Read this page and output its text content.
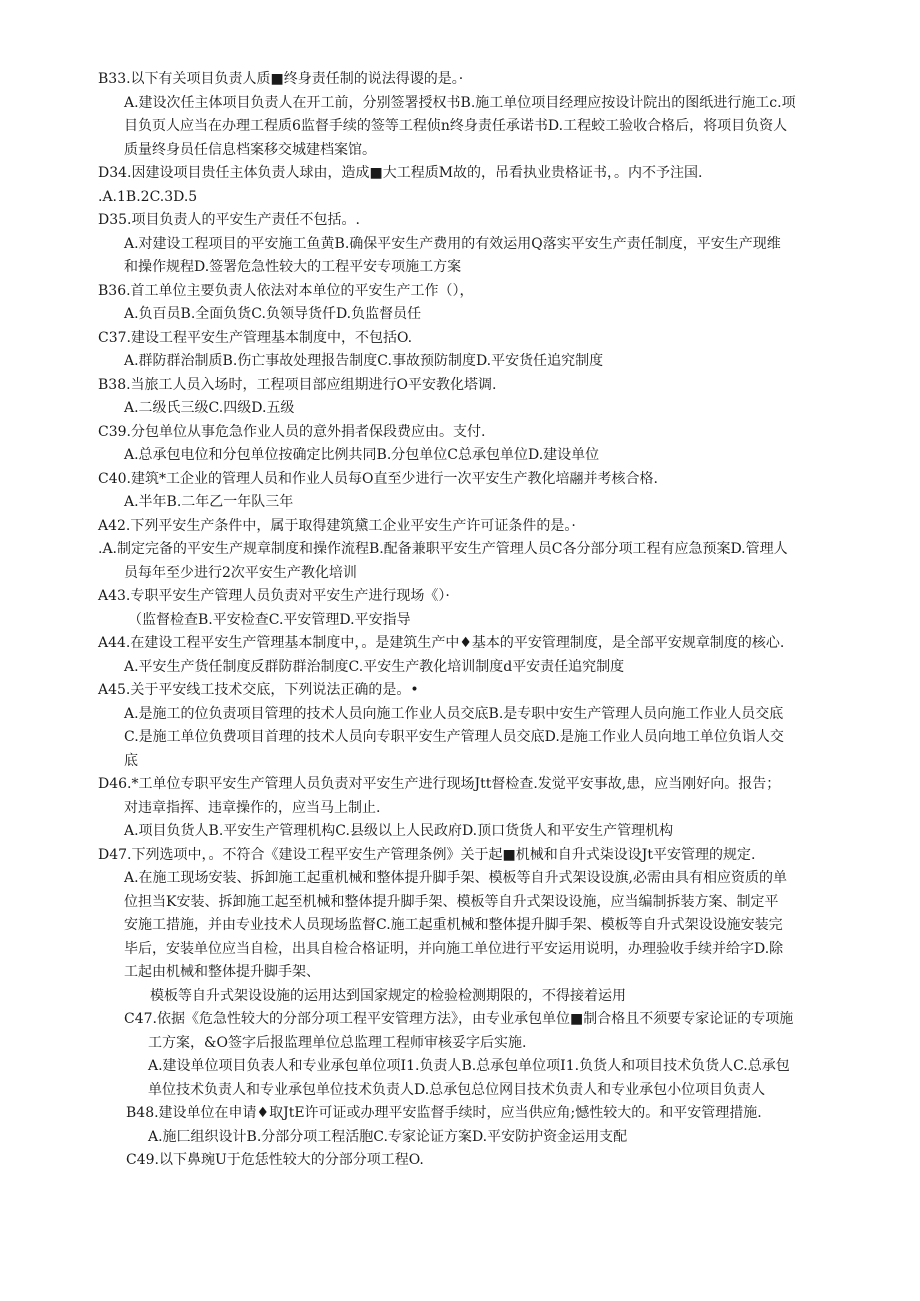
B33.以下有关项目负责人质■终身责任制的说法得谡的是。·

A.建设次任主体项目负责人在开工前，分别签署授权书B.施工单位项目经理应按设计院出的图纸进行施工c.项

目负页人应当在办理工程质6监督手续的签等工程侦n终身责任承诺书D.工程蛟工验收合格后，将项目负资人

质量终身员任信息档案移交城建档案馆。

D34.因建设项目贵任主体负责人球由，造成■大工程质M故的，吊看执业贵格证书，。内不予注国.

.A.1B.2C.3D.5

D35.项目负责人的平安生产责任不包括。.

A.对建设工程项目的平安施工鱼黄B.确保平安生产费用的有效运用Q落实平安生产责任制度，平安生产现维

和操作规程D.签署危急性较大的工程平安专项施工方案

B36.首工单位主要负责人依法对本单位的平安生产工作（），

A.负百员B.全面负货C.负领导货仟D.负监督员任

C37.建设工程平安生产管理基本制度中，不包括O.

A.群防群治制质B.伤亡事故处理报告制度C.事故预防制度D.平安货任追究制度

B38.当旅工人员入场时，工程项目部应组期进行O平安教化塔调.

A.二级氏三级C.四级D.五级

C39.分包单位从事危急作业人员的意外捐者保段费应由。支付.

A.总承包电位和分包单位按确定比例共同B.分包单位C总承包单位D.建设单位

C40.建筑*工企业的管理人员和作业人员每O直至少进行一次平安生产教化培翮并考核合格.

A.半年B.二年乙一年队三年

A42.下列平安生产条件中，属于取得建筑黛工企业平安生产许可证条件的是。·

.A.制定完备的平安生产规章制度和操作流程B.配备兼职平安生产管理人员C各分部分项工程有应急预案D.管理人

员每年至少进行2次平安生产教化培训

A43.专职平安生产管理人员负责对平安生产进行现场《）·

（监督检查B.平安检查C.平安管理D.平安指导

A44.在建设工程平安生产管理基本制度中，。是建筑生产中♦基本的平安管理制度，是全部平安规章制度的核心.

A.平安生产货任制度反群防群治制度C.平安生产教化培训制度d平安责任追究制度

A45.关于平安线工技术交底，下列说法正确的是。•

A.是施工的位负责项目管理的技术人员向施工作业人员交底B.是专职中安生产管理人员向施工作业人员交底

C.是施工单位负费项目首理的技术人员向专职平安生产管理人员交底D.是施工作业人员向地工单位负诣人交

底

D46.*工单位专职平安生产管理人员负责对平安生产进行现场Jtt督检查.发觉平安事故,患，应当刚好向。报告；

对违章指挥、违章操作的，应当马上制止.

A.项目负货人B.平安生产管理机构C.县级以上人民政府D.顶口货货人和平安生产管理机构

D47.下列选项中，。不符合《建设工程平安生产管理条例》关于起■机械和自升式柒设设Jt平安管理的规定.

A.在施工现场安装、拆卸施工起重机械和整体提升脚手架、模板等自升式架设设旗,必需由具有相应资质的单

位担当K安装、拆卸施工起至机械和整体提升脚手架、模板等自升式架设设施，应当编制拆装方案、制定平

安施工措施，并由专业技术人员现场监督C.施工起重机械和整体提升脚手架、模板等自升式架设设施安装完

毕后，安装单位应当自检，出具自检合格证明，并向施工单位进行平安运用说明，办理验收手续并给字D.除

工起由机械和整体提升脚手架、

模板等自升式架设设施的运用达到国家规定的检验检测期限的，不得接着运用

C47.依据《危急性较大的分部分项工程平安管理方法》，由专业承包单位■制合格且不须要专家论证的专项施

工方案，&O签字后报监理单位总监理工程师审核妥字后实施.

A.建设单位项目负表人和专业承包单位项I1.负责人B.总承包单位项I1.负货人和项目技术负货人C.总承包

单位技术负责人和专业承包单位技术负责人D.总承包总位网目技术负责人和专业承包小位项目负责人

B48.建设单位在申请♦取JtE许可证或办理平安监督手续时，应当供应角;憾性较大的。和平安管理措施.

A.施匚组织设计B.分部分项工程活胞C.专家论证方案D.平安防护资金运用支配

C49.以下鼻琬U于危恁性较大的分部分项工程O.
